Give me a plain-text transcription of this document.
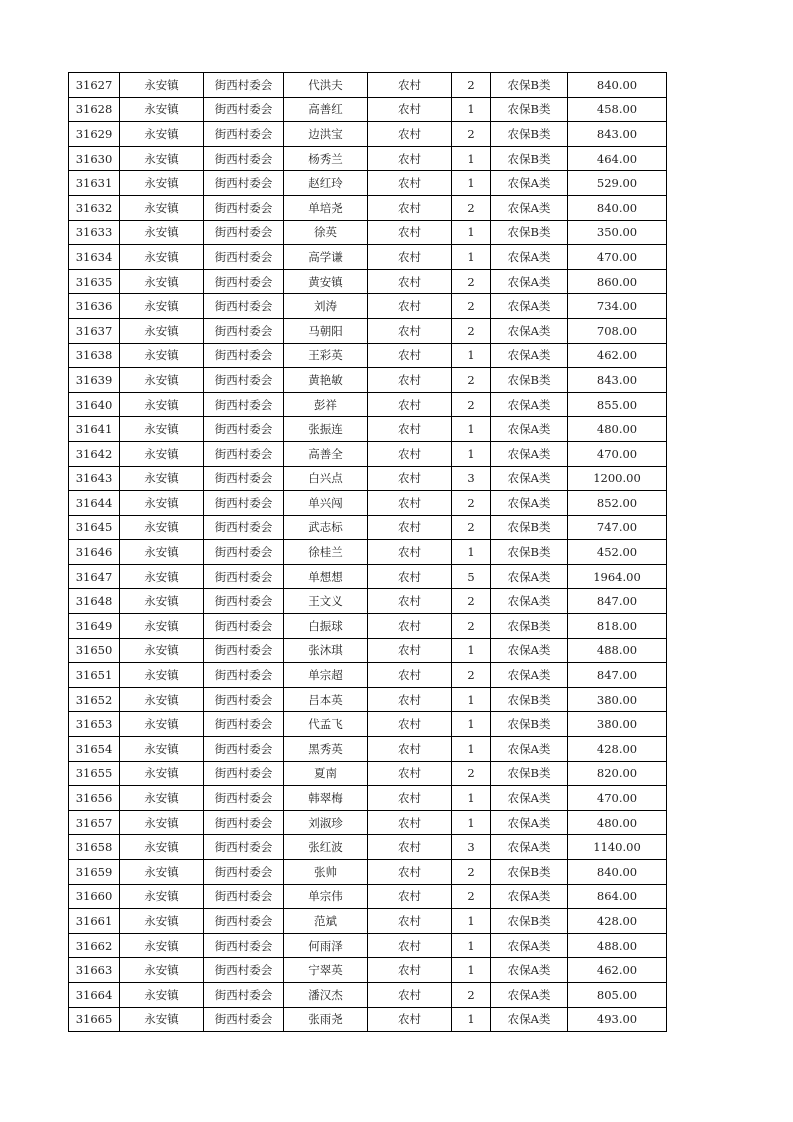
31627	永安镇	街西村委会	代洪夫	农村	2	农保B类	840.00
31628	永安镇	街西村委会	高善红	农村	1	农保B类	458.00
31629	永安镇	街西村委会	边洪宝	农村	2	农保B类	843.00
31630	永安镇	街西村委会	杨秀兰	农村	1	农保B类	464.00
31631	永安镇	街西村委会	赵红玲	农村	1	农保A类	529.00
31632	永安镇	街西村委会	单培尧	农村	2	农保A类	840.00
31633	永安镇	街西村委会	徐英	农村	1	农保B类	350.00
31634	永安镇	街西村委会	高学谦	农村	1	农保A类	470.00
31635	永安镇	街西村委会	黄安镇	农村	2	农保A类	860.00
31636	永安镇	街西村委会	刘涛	农村	2	农保A类	734.00
31637	永安镇	街西村委会	马朝阳	农村	2	农保A类	708.00
31638	永安镇	街西村委会	王彩英	农村	1	农保A类	462.00
31639	永安镇	街西村委会	黄艳敏	农村	2	农保B类	843.00
31640	永安镇	街西村委会	彭祥	农村	2	农保A类	855.00
31641	永安镇	街西村委会	张振连	农村	1	农保A类	480.00
31642	永安镇	街西村委会	高善全	农村	1	农保A类	470.00
31643	永安镇	街西村委会	白兴点	农村	3	农保A类	1200.00
31644	永安镇	街西村委会	单兴闯	农村	2	农保A类	852.00
31645	永安镇	街西村委会	武志标	农村	2	农保B类	747.00
31646	永安镇	街西村委会	徐桂兰	农村	1	农保B类	452.00
31647	永安镇	街西村委会	单想想	农村	5	农保A类	1964.00
31648	永安镇	街西村委会	王文义	农村	2	农保A类	847.00
31649	永安镇	街西村委会	白振球	农村	2	农保B类	818.00
31650	永安镇	街西村委会	张沐琪	农村	1	农保A类	488.00
31651	永安镇	街西村委会	单宗超	农村	2	农保A类	847.00
31652	永安镇	街西村委会	吕本英	农村	1	农保B类	380.00
31653	永安镇	街西村委会	代孟飞	农村	1	农保B类	380.00
31654	永安镇	街西村委会	黑秀英	农村	1	农保A类	428.00
31655	永安镇	街西村委会	夏南	农村	2	农保B类	820.00
31656	永安镇	街西村委会	韩翠梅	农村	1	农保A类	470.00
31657	永安镇	街西村委会	刘淑珍	农村	1	农保A类	480.00
31658	永安镇	街西村委会	张红波	农村	3	农保A类	1140.00
31659	永安镇	街西村委会	张帅	农村	2	农保B类	840.00
31660	永安镇	街西村委会	单宗伟	农村	2	农保A类	864.00
31661	永安镇	街西村委会	范斌	农村	1	农保B类	428.00
31662	永安镇	街西村委会	何雨泽	农村	1	农保A类	488.00
31663	永安镇	街西村委会	宁翠英	农村	1	农保A类	462.00
31664	永安镇	街西村委会	潘汉杰	农村	2	农保A类	805.00
31665	永安镇	街西村委会	张雨尧	农村	1	农保A类	493.00
